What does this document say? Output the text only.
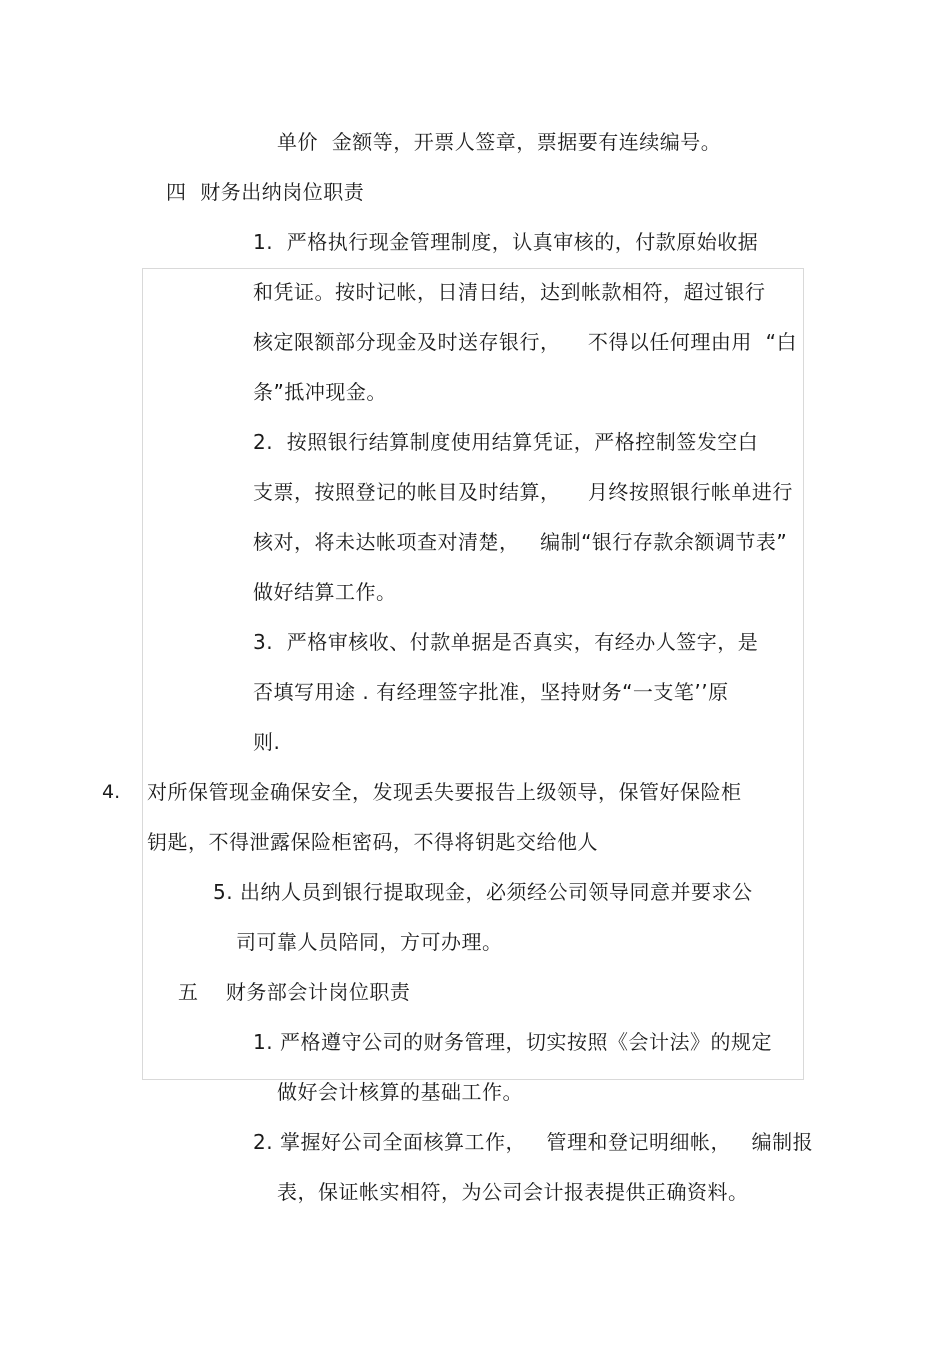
单价  金额等，开票人签章，票据要有连续编号。
四  财务出纳岗位职责
1.  严格执行现金管理制度，认真审核的，付款原始收据
和凭证。按时记帐，日清日结，达到帐款相符，超过银行
核定限额部分现金及时送存银行，    不得以任何理由用  “白
条”抵冲现金。
2.  按照银行结算制度使用结算凭证，严格控制签发空白
支票，按照登记的帐目及时结算，    月终按照银行帐单进行
核对，将未达帐项查对清楚，   编制“银行存款余额调节表”
做好结算工作。
3.  严格审核收、付款单据是否真实，有经办人签字，是
否填写用途 . 有经理签字批准，坚持财务“一支笔’’原
则.
4. 对所保管现金确保安全，发现丢失要报告上级领导，保管好保险柜
钥匙，不得泄露保险柜密码，不得将钥匙交给他人
5. 出纳人员到银行提取现金，必须经公司领导同意并要求公
司可靠人员陪同，方可办理。
五    财务部会计岗位职责
1. 严格遵守公司的财务管理，切实按照《会计法》的规定
做好会计核算的基础工作。
2. 掌握好公司全面核算工作，   管理和登记明细帐，   编制报
表，保证帐实相符，为公司会计报表提供正确资料。
